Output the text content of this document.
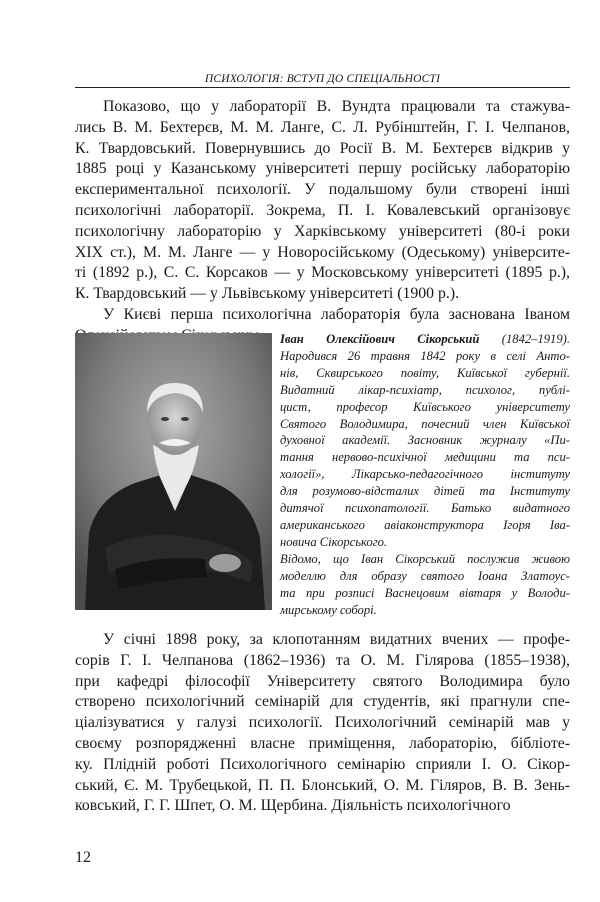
ПСИХОЛОГІЯ: ВСТУП ДО СПЕЦІАЛЬНОСТІ
Показово, що у лабораторії В. Вундта працювали та стажува-
лись В. М. Бехтерєв, М. М. Ланге, С. Л. Рубінштейн, Г. І. Челпанов,
К. Твардовський. Повернувшись до Росії В. М. Бехтерєв відкрив у
1885 році у Казанському університеті першу російську лабораторію
експериментальної психології. У подальшому були створені інші
психологічні лабораторії. Зокрема, П. І. Ковалевський організовує
психологічну лабораторію у Харківському університеті (80-і роки
XIX ст.), М. М. Ланге — у Новоросійському (Одеському) університе-
ті (1892 р.), С. С. Корсаков — у Московському університеті (1895 р.),
К. Твардовський — у Львівському університеті (1900 р.).
У Києві перша психологічна лабораторія була заснована Іваном
Іван Олексійович Сікорський (1842–1919).
Народився 26 травня 1842 року в селі Анто-
нів, Сквирського повіту, Київської губернії.
Видатний лікар-психіатр, психолог, публі-
цист, професор Київського університету
Святого Володимира, почесний член Київської
духовної академії. Засновник журналу «Пи-
тання нервово-психічної медицини та пси-
хології», Лікарсько-педагогічного інституту
для розумово-відсталих дітей та Інституту
дитячої психопатології. Батько видатного
американського авіаконструктора Ігоря Іва-
новича Сікорського.
Відомо, що Іван Сікорський послужив живою
моделлю для образу святого Іоана Златоус-
та при розписі Васнецовим вівтаря у Володи-
мирському соборі.
У січні 1898 року, за клопотанням видатних вчених — профе-
сорів Г. І. Челпанова (1862–1936) та О. М. Гілярова (1855–1938),
при кафедрі філософії Університету святого Володимира було
створено психологічний семінарій для студентів, які прагнули спе-
ціалізуватися у галузі психології. Психологічний семінарій мав у
своєму розпорядженні власне приміщення, лабораторію, бібліоте-
ку. Плідній роботі Психологічного семінарію сприяли І. О. Сікор-
ський, Є. М. Трубецькой, П. П. Блонський, О. М. Гіляров, В. В. Зень-
ковський, Г. Г. Шпет, О. М. Щербина. Діяльність психологічного
12
